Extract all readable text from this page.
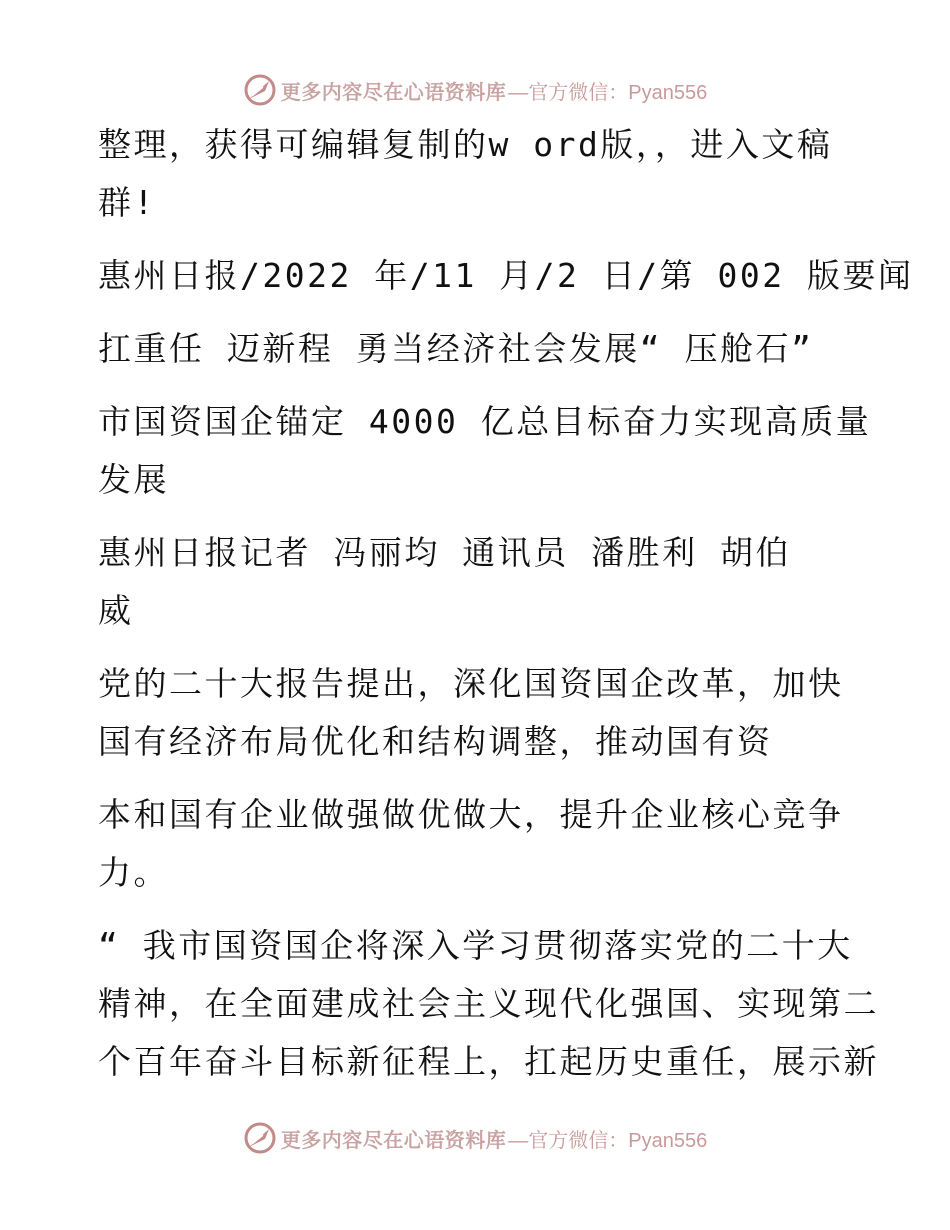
更多内容尽在心语资料库 —官方微信：Pyan556
整理，获得可编辑复制的w ord版，，进入文稿
群!
惠州日报/2022 年/11 月/2 日/第 002 版要闻
扛重任 迈新程 勇当经济社会发展“ 压舱石”
市国资国企锚定 4000 亿总目标奋力实现高质量
发展
惠州日报记者 冯丽均 通讯员 潘胜利 胡伯
威
党的二十大报告提出，深化国资国企改革，加快
国有经济布局优化和结构调整，推动国有资
本和国有企业做强做优做大，提升企业核心竞争
力。
“ 我市国资国企将深入学习贯彻落实党的二十大
精神，在全面建成社会主义现代化强国、实现第二
个百年奋斗目标新征程上，扛起历史重任，展示新
更多内容尽在心语资料库 —官方微信：Pyan556
